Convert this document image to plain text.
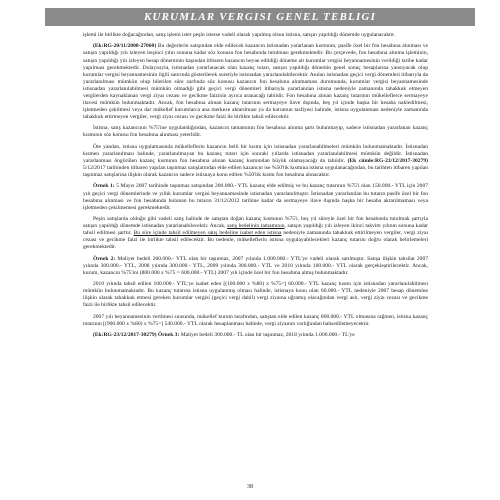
KURUMLAR VERGISI GENEL TEBLIGI

işlemi ile birlikte doğacağından, satış işlemi ister peşin isterse vadeli olarak yapılmış olsun istisna, satışın yapıldığı dönemde uygulanacaktır.

(Ek:RG-20/11/2008-27060) Bu değerlerin satışından elde edilecek kazancın istisnadan yararlanan kısmının, pasife özel bir fon hesabına alınması ve satışın yapıldığı yılı izleyen beşinci yılın sonuna kadar söz konusu fon hesabında tutulması gerekmektedir. Bu çerçevede, fon hesabına alınma işleminin, satışın yapıldığı yılı izleyen hesap döneminin başından itibaren kazancın beyan edildiği döneme ait kurumlar vergisi beyannamesinin verildiği tarihe kadar yapılması gerekmektedir. Dolayısıyla, istisnadan yararlanacak olan kazanç tutarı, satışın yapıldığı dönemin genel sonuç hesaplarına yansıyacak olup kurumlar vergisi beyannamesinin ilgili satırında gösterilerek suretiyle istisnadan yararlanılabilecektir. Anılan istisnadan geçici vergi dönemleri itibarıyla da yararlanılması mümkün olup bilerilen süre zarfında söz konusu kazancın fon hesabına alınmaması durumunda, kurumlar vergisi beyannamesinde istisnadan yararlanılabilmesi mümkün olmadığı gibi geçici vergi dönemleri itibarıyla yararlanılan istisna nedeniyle zamanında tahakkuk etmeyen vergilerden kaynaklanan vergi ziyaı cezası ve gecikme faizinin ayrıca aranacağı tabiidir. Fon hesabına alınan kazanç tutarının mükelleflerce sermayeye ilavesi mümkün bulunmaktadır. Ancak, fon hesabına alınan kazanç tutarının sermayeye ilave dışında, beş yıl içinde başka bir hesaba nakledilmesi, işletmeden çekilmesi veya dar mükellef kurumlarca ana merkeze aktarılması ya da kurumun tasfiyesi halinde, istisna uygulanması nedeniyle zamanında tahakkuk ettirmeyen vergiler, vergi ziyaı cezası ve gecikme faizi ile birlikte tahsil edilecektir.

İstisna, satış kazancının %75'ine uygulandığından, kazancın tamamının fon hesabına alınma şartı bulunmayıp, sadece istisnadan yararlanan kazanç kısmının söz konusu fon hesabına alınması yeterlidir.

Öte yandan, istisna uygulamasında mükelleflerin kazancın belli bir kısmı için istisnadan yararlanabilmeleri mümkün bulunmamaktadır. İstisnadan kısmen yararlanılması halinde, yararlanılmayan bu kazanç tutarı için sonraki yıllarda istisnadan yararlanılabilmesi mümkün değildir. İstisnadan yararlanması öngörülen kazanç kısmının fon hesabına alınan kazanç kısmından büyük olamayacağı da tabiidir. (Ek cümle:RG-23/12/2017-30279) 5/12/2017 tarihinden itibaren yapılan taşınmaz satışlarından elde edilen kazancın ise %50'lik kısmına istisna uygulanacağından, bu tarihten itibaren yapılan taşınmaz satışlarına ilişkin olarak kazancın sadece istisnaya konu edilen %50'lik kısmı fon hesabına alınacaktır.

Örnek 1: 5 Mayıs 2007 tarihinde taşınmaz satışından 200.000.- YTL kazanç elde edilmiş ve bu kazanç tutarının %75'i olan 150.000.- YTL için 2007 yılı geçici vergi dönemlerinde ve yıllık kurumlar vergisi beyannamesinde istisnadan yararlanılmıştır. İstisnadan yararlanılan bu tutarın pasife özel bir fon hesabına alınması ve fon hesabında bulunan bu tutarın 31/12/2012 tarihine kadar da sermayeye ilave dışında başka bir hesaba aktarılmaması veya işletmeden çekilmemesi gerekmektedir.

Peşin satışlarda olduğu gibi vadeli satış halinde de satıştan doğan kazanç kısmının %75'i, beş yıl süreyle özel bir fon hesabında tutulmak şartıyla satışın yapıldığı dönemde istisnadan yararlanabilecektir. Ancak, satış bedelinin tamamının, satışın yapıldığı yılı izleyen ikinci takvim yılının sonuna kadar tahsil edilmesi şarttır. Bu süre içinde tahsil edilmeyen satış bedeline isabet eden istisna nedeniyle zamanında tahakkuk ettirilmeyen vergiler, vergi ziyaı cezası ve gecikme faizi ile birlikte tahsil edilecektir. Bu nedenle, mükelleflerin istisna uygulayabilecekleri kazanç tutarını doğru olarak belirlemeleri gerekmektedir.

Örnek 2: Maliyet bedeli 200.000.- YTL olan bir taşınmaz, 2007 yılında 1.000.000.- YTL'ye vadeli olarak satılmıştır. Satışa ilişkin tahsilat 2007 yılında 300.000.- YTL, 2008 yılında 300.000.- YTL, 2009 yılında 300.000.- YTL ve 2010 yılında 100.000.- YTL olarak gerçekleştirilecektir. Ancak, kurum, kazancın %75'ini (800.000 x %75 = 600.000.- YTL) 2007 yılı içinde özel bir fon hesabına almış bulunmaktadır.

2010 yılında tahsil edilen 100.000.- YTL'ye isabet eden [(100.000 x %80) x %75=] 60.000.- YTL kazanç kısmı için istisnadan yararlanılabilmesi mümkün bulunmamaktadır. Bu kazanç tutarına istisna uygulanmış olması halinde, istisnaya konu olan 60.000.- YTL nedeniyle 2007 hesap dönemine ilişkin olarak tahakkuk etmesi gereken kurumlar vergisi (geçici vergi dahil) vergi ziyaına uğramış olacağından vergi aslı, vergi ziyaı cezası ve gecikme faizi ile birlikte tahsil edilecektir.

2007 yılı beyannamesinin verilmesi sırasında, mükellef kurum tarafından, satıştan elde edilen kazanç 800.000.- YTL olmasına rağmen, istisna kazanç tutarının [(900.000 x %80) x %75=] 540.000.- YTL olarak hesaplanması halinde, vergi ziyaının varlığından bahsedilemeyecektir.

(Ek:RG-23/12/2017-30279) Örnek 3: Maliyet bedeli 300.000.- TL olan bir taşınmaz, 2018 yılında 1.000.000.- TL'ye

38
